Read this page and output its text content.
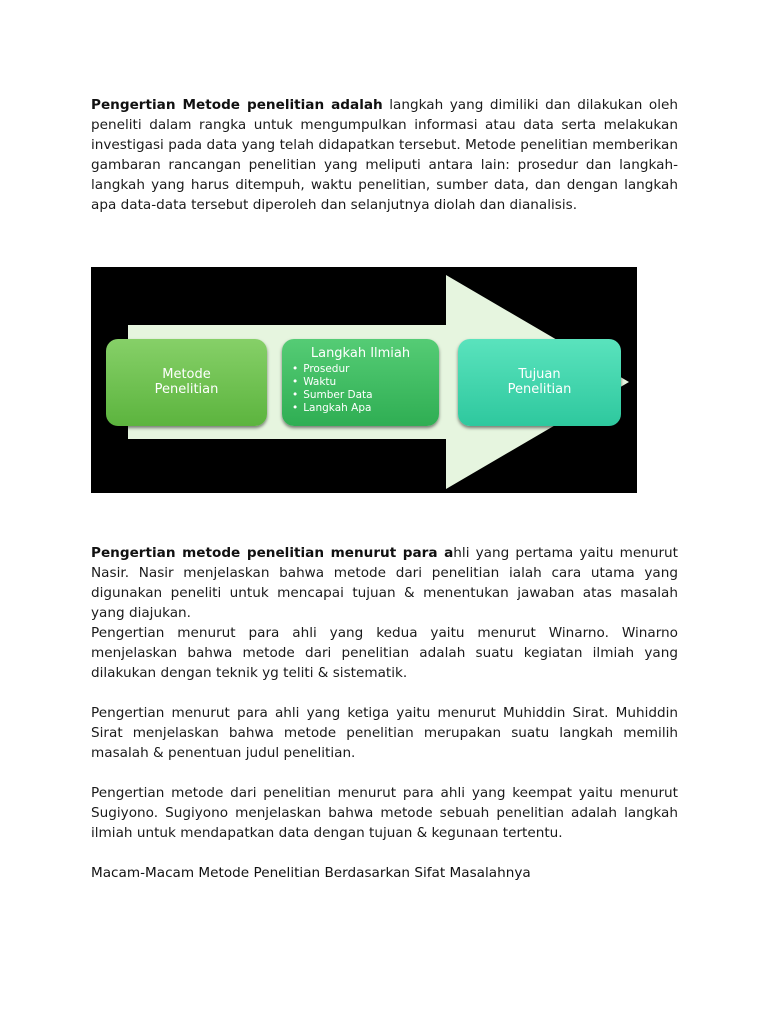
Pengertian Metode penelitian adalah langkah yang dimiliki dan dilakukan oleh peneliti dalam rangka untuk mengumpulkan informasi atau data serta melakukan investigasi pada data yang telah didapatkan tersebut. Metode penelitian memberikan gambaran rancangan penelitian yang meliputi antara lain: prosedur dan langkah-langkah yang harus ditempuh, waktu penelitian, sumber data, dan dengan langkah apa data-data tersebut diperoleh dan selanjutnya diolah dan dianalisis.

Metode
Penelitian
Langkah Ilmiah
• Prosedur
• Waktu
• Sumber Data
• Langkah Apa
Tujuan
Penelitian

Pengertian metode penelitian menurut para ahli yang pertama yaitu menurut Nasir. Nasir menjelaskan bahwa metode dari penelitian ialah cara utama yang digunakan peneliti untuk mencapai tujuan & menentukan jawaban atas masalah yang diajukan.

Pengertian menurut para ahli yang kedua yaitu menurut Winarno. Winarno menjelaskan bahwa metode dari penelitian adalah suatu kegiatan ilmiah yang dilakukan dengan teknik yg teliti & sistematik.

Pengertian menurut para ahli yang ketiga yaitu menurut Muhiddin Sirat. Muhiddin Sirat menjelaskan bahwa metode penelitian merupakan suatu langkah memilih masalah & penentuan judul penelitian.

Pengertian metode dari penelitian menurut para ahli yang keempat yaitu menurut Sugiyono. Sugiyono menjelaskan bahwa metode sebuah penelitian adalah langkah ilmiah untuk mendapatkan data dengan tujuan & kegunaan tertentu.

Macam-Macam Metode Penelitian Berdasarkan Sifat Masalahnya
